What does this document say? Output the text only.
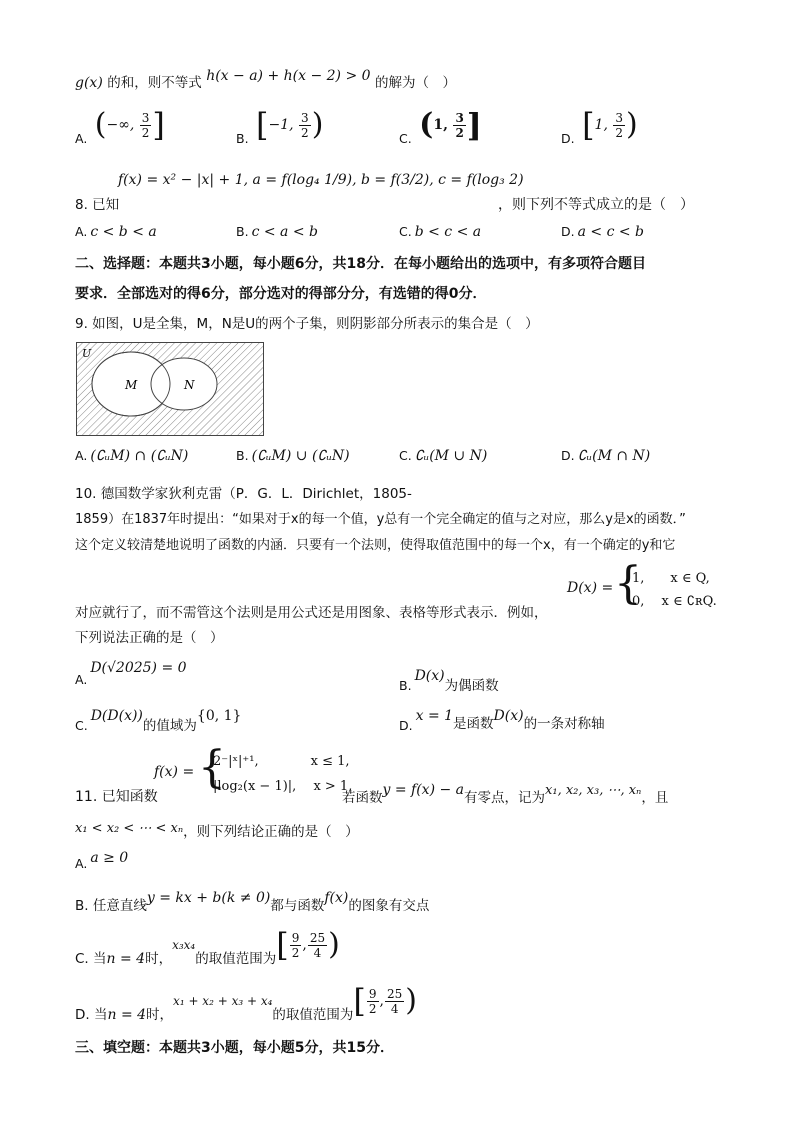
g(x) 的和，则不等式 h(x − a) + h(x − 2) > 0 的解为（　）
A. (−∞, $\frac{3}{2}$ ]	B. [−1, $\frac{3}{2}$ )	C. (1, $\frac{3}{2}$ ]	D. [1, $\frac{3}{2}$ )
8. 已知
f(x) = x² − |x| + 1, a = f(log₄ 1/9), b = f(3/2), c = f(log₃ 2)
，则下列不等式成立的是（　）
A. c < b < a	B. c < a < b	C. b < c < a	D. a < c < b
二、选择题：本题共3小题，每小题6分，共18分．在每小题给出的选项中，有多项符合题目
要求．全部选对的得6分，部分选对的得部分分，有选错的得0分．
9. 如图，U是全集，M，N是U的两个子集，则阴影部分所表示的集合是（　）
U
M	N
A. (∁ᵤM) ∩ (∁ᵤN)	B. (∁ᵤM) ∪ (∁ᵤN)	C. ∁ᵤ(M ∪ N)	D. ∁ᵤ(M ∩ N)
10. 德国数学家狄利克雷（P．G．L．Dirichlet，1805-
1859）在1837年时提出：“如果对于x的每一个值，y总有一个完全确定的值与之对应，那么y是x的函数．”
这个定义较清楚地说明了函数的内涵．只要有一个法则，使得取值范围中的每一个x，有一个确定的y和它
D(x) = {
1,　　x ∈ Q,
0,　 x ∈ ∁ʀQ.
对应就行了，而不需管这个法则是用公式还是用图象、表格等形式表示．例如，
下列说法正确的是（　）
A.D(√2025) = 0
B.D(x)为偶函数
C.D(D(x))的值域为{0, 1}
D.x = 1是函数D(x)的一条对称轴
11. 已知函数
f(x) = {
2⁻|ˣ|⁺¹,　　　　x ≤ 1,
|log₂(x − 1)|,　 x > 1,
若函数y = f(x) − a有零点，记为x₁, x₂, x₃, ⋯, xₙ，且
x₁ < x₂ < ⋯ < xₙ，则下列结论正确的是（　）
A. a ≥ 0
B. 任意直线y = kx + b(k ≠ 0)都与函数f(x)的图象有交点
C. 当n = 4时，x₃x₄的取值范围为[ $\frac{9}{2}$ , $\frac{25}{4}$ )
D. 当n = 4时，x₁ + x₂ + x₃ + x₄的取值范围为[ $\frac{9}{2}$ , $\frac{25}{4}$ )
三、填空题：本题共3小题，每小题5分，共15分．
